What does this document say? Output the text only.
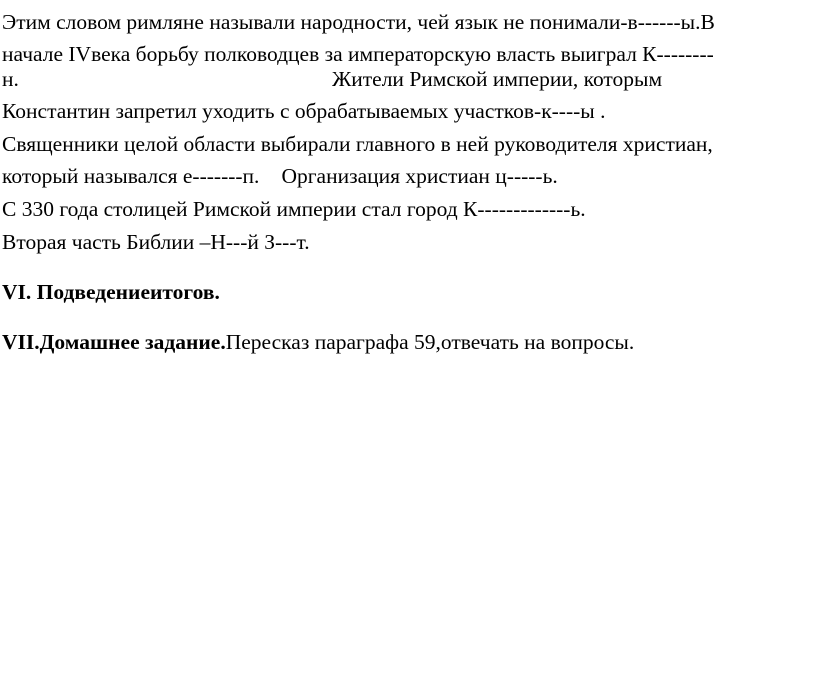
Этим словом римляне называли народности, чей язык не понимали-в------ы.В
начале IVвека борьбу полководцев за императорскую власть выиграл К--------
н.	Жители Римской империи, которым
Константин запретил уходить с обрабатываемых участков-к----ы .
Священники целой области выбирали главного в ней руководителя христиан,
который назывался е-------п. Организация христиан ц-----ь.
С 330 года столицей Римской империи стал город К-------------ь.
Вторая часть Библии –Н---й З---т.
VI. Подведениеитогов.
VII.Домашнее задание.Пересказ параграфа 59,отвечать на вопросы.
